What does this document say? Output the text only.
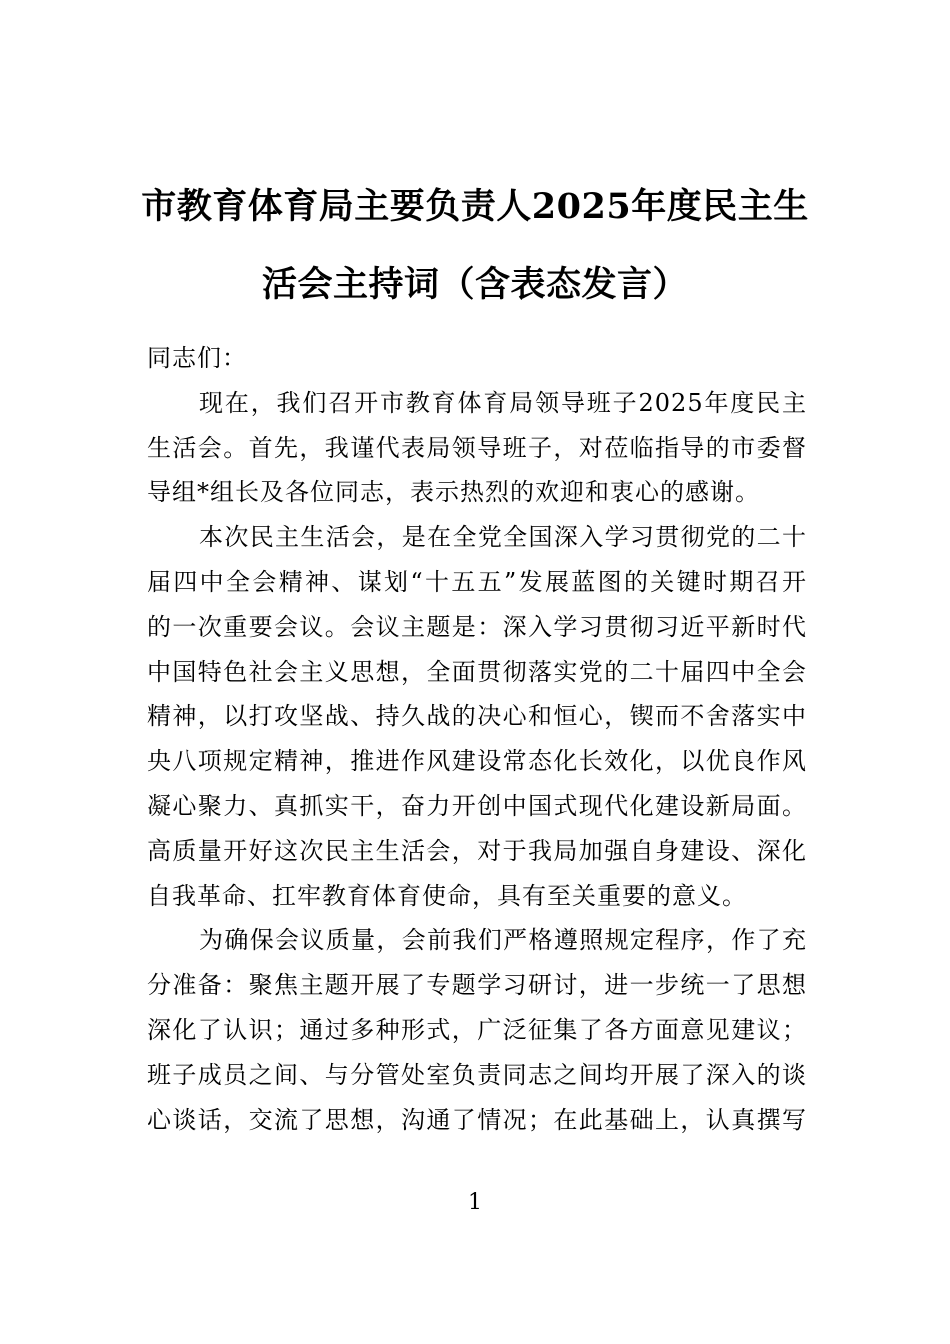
市教育体育局主要负责人2025年度民主生
活会主持词（含表态发言）
同志们：
现在，我们召开市教育体育局领导班子2025年度民主
生活会。首先，我谨代表局领导班子，对莅临指导的市委督
导组*组长及各位同志，表示热烈的欢迎和衷心的感谢。
本次民主生活会，是在全党全国深入学习贯彻党的二十
届四中全会精神、谋划“十五五”发展蓝图的关键时期召开
的一次重要会议。会议主题是：深入学习贯彻习近平新时代
中国特色社会主义思想，全面贯彻落实党的二十届四中全会
精神，以打攻坚战、持久战的决心和恒心，锲而不舍落实中
央八项规定精神，推进作风建设常态化长效化，以优良作风
凝心聚力、真抓实干，奋力开创中国式现代化建设新局面。
高质量开好这次民主生活会，对于我局加强自身建设、深化
自我革命、扛牢教育体育使命，具有至关重要的意义。
为确保会议质量，会前我们严格遵照规定程序，作了充
分准备：聚焦主题开展了专题学习研讨，进一步统一了思想
深化了认识；通过多种形式，广泛征集了各方面意见建议；
班子成员之间、与分管处室负责同志之间均开展了深入的谈
心谈话，交流了思想，沟通了情况；在此基础上，认真撰写
1
